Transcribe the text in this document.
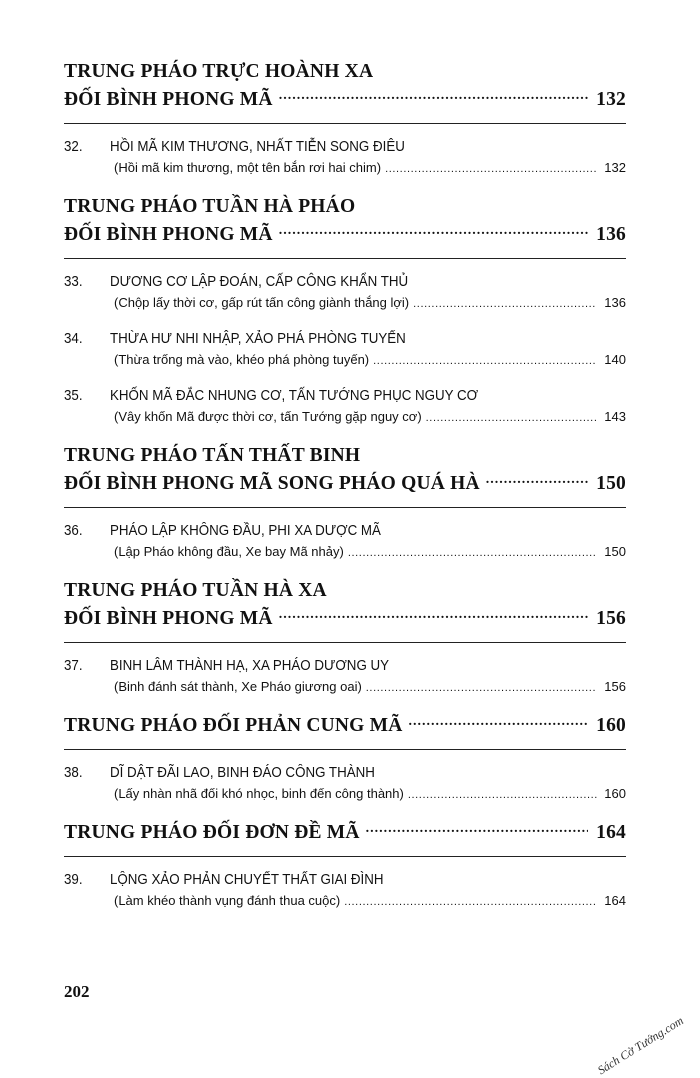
TRUNG PHÁO TRỰC HOÀNH XA
ĐỐI BÌNH PHONG MÃ .....	132
32.	HỒI MÃ KIM THƯƠNG, NHẤT TIỄN SONG ĐIÊU
(Hồi mã kim thương, một tên bắn rơi hai chim) .....	132
TRUNG PHÁO TUẦN HÀ PHÁO
ĐỐI BÌNH PHONG MÃ .....	136
33.	DƯƠNG CƠ LẬP ĐOÁN, CẤP CÔNG KHẨN THỦ
(Chộp lấy thời cơ, gấp rút tấn công giành thắng lợi) .....	136
34.	THỪA HƯ NHI NHẬP, XẢO PHÁ PHÒNG TUYẾN
(Thừa trống mà vào, khéo phá phòng tuyến) .....	140
35.	KHỐN MÃ ĐẮC NHUNG CƠ, TẤN TƯỚNG PHỤC NGUY CƠ
(Vây khốn Mã được thời cơ, tấn Tướng gặp nguy cơ) .....	143
TRUNG PHÁO TẤN THẤT BINH
ĐỐI BÌNH PHONG MÃ SONG PHÁO QUÁ HÀ .....	150
36.	PHÁO LẬP KHÔNG ĐẦU, PHI XA DƯỢC MÃ
(Lập Pháo không đầu, Xe bay Mã nhảy) .....	150
TRUNG PHÁO TUẦN HÀ XA
ĐỐI BÌNH PHONG MÃ .....	156
37.	BINH LÂM THÀNH HẠ, XA PHÁO DƯƠNG UY
(Binh đánh sát thành, Xe Pháo giương oai) .....	156
TRUNG PHÁO ĐỐI PHẢN CUNG MÃ .....	160
38.	DĨ DẬT ĐÃI LAO, BINH ĐÁO CÔNG THÀNH
(Lấy nhàn nhã đối khó nhọc, binh đến công thành) .....	160
TRUNG PHÁO ĐỐI ĐƠN ĐỀ MÃ .....	164
39.	LỘNG XẢO PHẢN CHUYẾT THẤT GIAI ĐÌNH
(Làm khéo thành vụng đánh thua cuộc) .....	164
202
Sách Cờ Tướng.com
